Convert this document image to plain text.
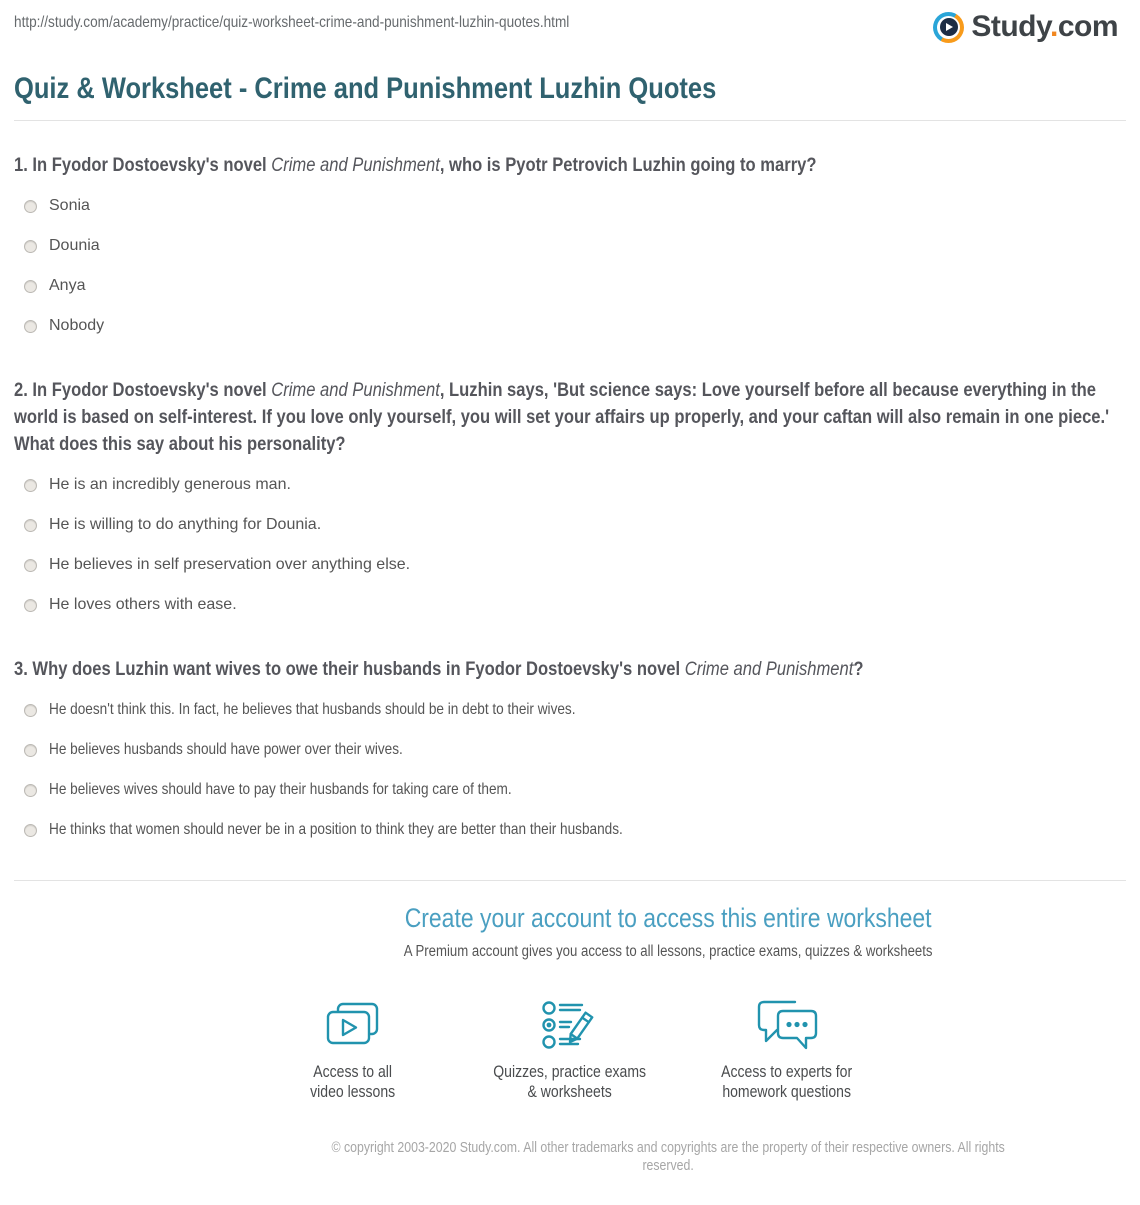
http://study.com/academy/practice/quiz-worksheet-crime-and-punishment-luzhin-quotes.html	Study.com
Quiz & Worksheet - Crime and Punishment Luzhin Quotes

1. In Fyodor Dostoevsky's novel Crime and Punishment, who is Pyotr Petrovich Luzhin going to marry?

Sonia
Dounia
Anya
Nobody

2. In Fyodor Dostoevsky's novel Crime and Punishment, Luzhin says, 'But science says: Love yourself before all because everything in the world is based on self-interest. If you love only yourself, you will set your affairs up properly, and your caftan will also remain in one piece.' What does this say about his personality?

He is an incredibly generous man.
He is willing to do anything for Dounia.
He believes in self preservation over anything else.
He loves others with ease.

3. Why does Luzhin want wives to owe their husbands in Fyodor Dostoevsky's novel Crime and Punishment?

He doesn't think this. In fact, he believes that husbands should be in debt to their wives.
He believes husbands should have power over their wives.
He believes wives should have to pay their husbands for taking care of them.
He thinks that women should never be in a position to think they are better than their husbands.
Create your account to access this entire worksheet

A Premium account gives you access to all lessons, practice exams, quizzes & worksheets

Access to all
video lessons
Quizzes, practice exams
& worksheets
Access to experts for
homework questions

© copyright 2003-2020 Study.com. All other trademarks and copyrights are the property of their respective owners. All rights
reserved.
